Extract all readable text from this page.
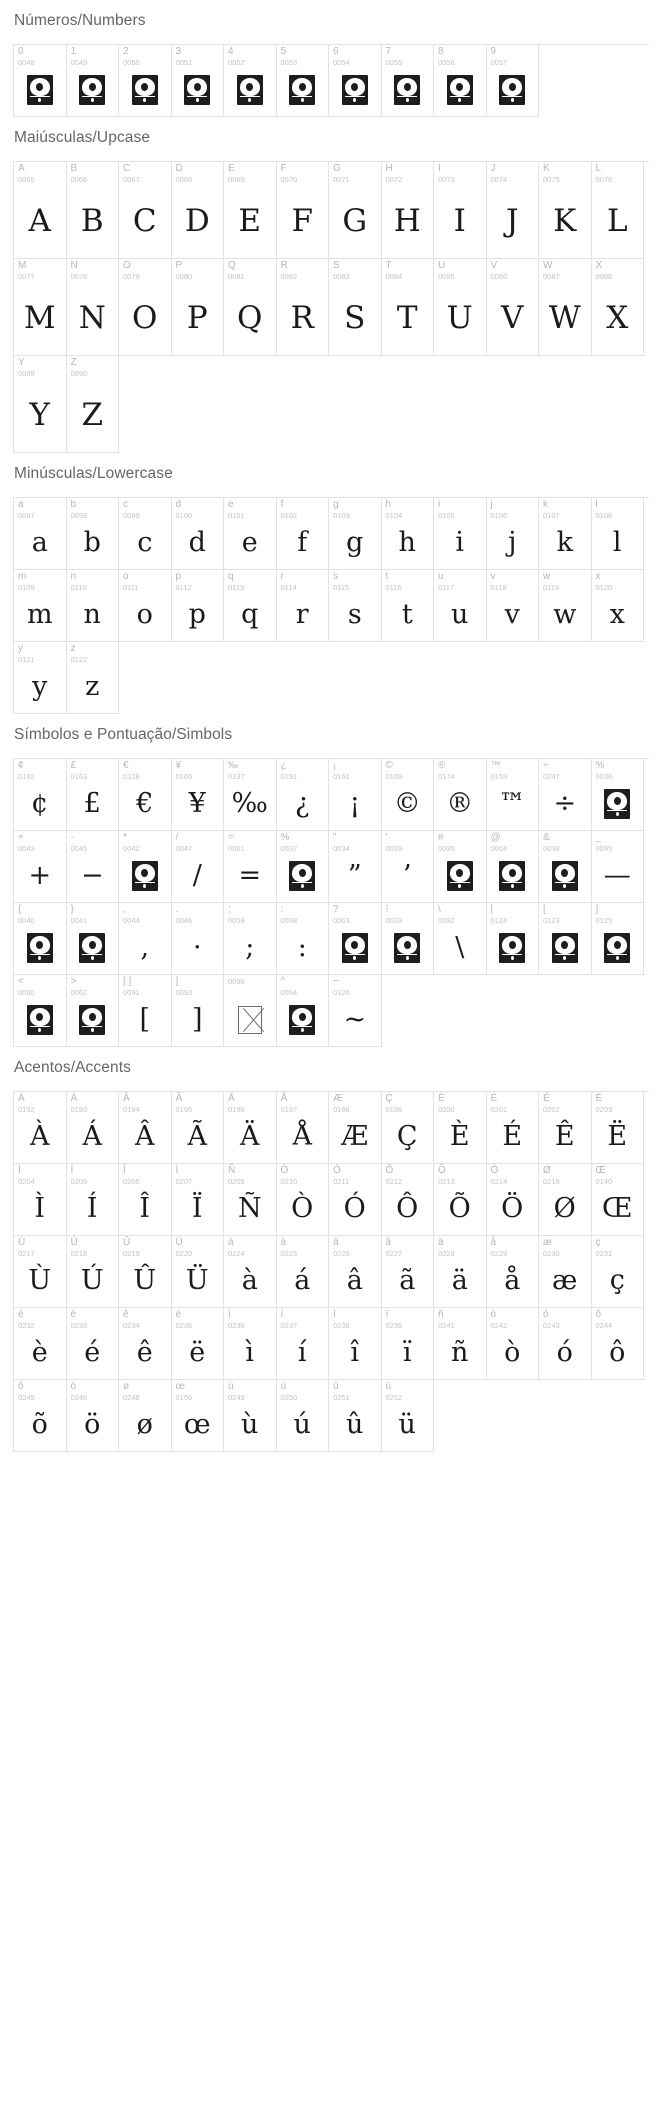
Números/Numbers
0
0048
1
0049
2
0050
3
0051
4
0052
5
0053
6
0054
7
0055
8
0056
9
0057
Maiúsculas/Upcase
A
0065
A
B
0066
B
C
0067
C
D
0068
D
E
0069
E
F
0070
F
G
0071
G
H
0072
H
I
0073
I
J
0074
J
K
0075
K
L
0076
L
M
0077
M
N
0078
N
O
0079
O
P
0080
P
Q
0081
Q
R
0082
R
S
0083
S
T
0084
T
U
0085
U
V
0086
V
W
0087
W
X
0088
X
Y
0089
Y
Z
0090
Z
Minúsculas/Lowercase
a
0097
a
b
0098
b
c
0099
c
d
0100
d
e
0101
e
f
0102
f
g
0103
g
h
0104
h
i
0105
i
j
0106
j
k
0107
k
l
0108
l
m
0109
m
n
0110
n
o
0111
o
p
0112
p
q
0113
q
r
0114
r
s
0115
s
t
0116
t
u
0117
u
v
0118
v
w
0119
w
x
0120
x
y
0121
y
z
0122
z
Símbolos e Pontuação/Simbols
¢
0162
¢
£
0163
£
€
0128
€
¥
0165
¥
‰
0137
‰
¿
0191
¿
¡
0161
¡
©
0169
©
®
0174
®
™
0153
™
÷
0247
÷
%
0036
+
0043
+
-
0045
−
*
0042
/
0047
/
=
0061
=
%
0037
"
0034
”
'
0039
’
#
0035
@
0064
&
0038
_
0095
—
{
0040
}
0041
,
0044
,
.
0046
·
;
0059
;
:
0058
:
?
0063
!
0033
\
0092
\
|
0124
[
0123
]
0125
<
0060
>
0062
[ ]
0091
[
]
0093
]
0096	^
0094
~
0126
~
Acentos/Accents
À
0192
À
Á
0193
Á
Â
0194
Â
Ã
0195
Ã
Ä
0196
Ä
Å
0197
Å
Æ
0198
Æ
Ç
0199
Ç
È
0200
È
É
0201
É
Ê
0202
Ê
Ë
0203
Ë
Ì
0204
Ì
Í
0205
Í
Î
0206
Î
Ï
0207
Ï
Ñ
0209
Ñ
Ò
0210
Ò
Ó
0211
Ó
Ô
0212
Ô
Õ
0213
Õ
Ö
0214
Ö
Ø
0216
Ø
Œ
0140
Œ
Ù
0217
Ù
Ú
0218
Ú
Û
0219
Û
Ü
0220
Ü
à
0224
à
á
0225
á
â
0226
â
ã
0227
ã
ä
0228
ä
å
0229
å
æ
0230
æ
ç
0231
ç
è
0232
è
é
0233
é
ê
0234
ê
ë
0235
ë
ì
0236
ì
í
0237
í
î
0238
î
ï
0239
ï
ñ
0241
ñ
ò
0242
ò
ó
0243
ó
ô
0244
ô
õ
0245
õ
ö
0246
ö
ø
0248
ø
œ
0156
œ
ù
0249
ù
ú
0250
ú
û
0251
û
ü
0252
ü
